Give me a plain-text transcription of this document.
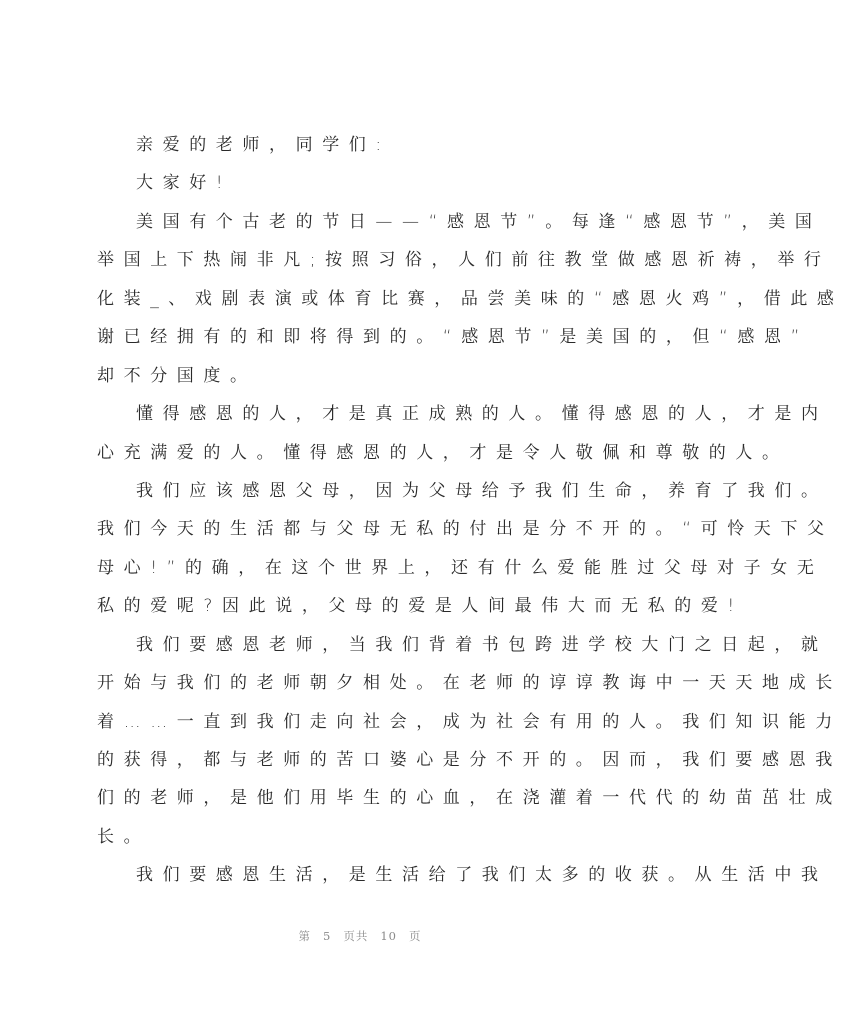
亲爱的老师，同学们:
大家好!
美国有个古老的节日——“感恩节”。每逢“感恩节”，美国
举国上下热闹非凡;按照习俗，人们前往教堂做感恩祈祷，举行
化装_、戏剧表演或体育比赛，品尝美味的“感恩火鸡”，借此感
谢已经拥有的和即将得到的。“感恩节”是美国的，但“感恩”
却不分国度。
懂得感恩的人，才是真正成熟的人。懂得感恩的人，才是内
心充满爱的人。懂得感恩的人，才是令人敬佩和尊敬的人。
我们应该感恩父母，因为父母给予我们生命，养育了我们。
我们今天的生活都与父母无私的付出是分不开的。“可怜天下父
母心!”的确，在这个世界上，还有什么爱能胜过父母对子女无
私的爱呢?因此说，父母的爱是人间最伟大而无私的爱!
我们要感恩老师，当我们背着书包跨进学校大门之日起，就
开始与我们的老师朝夕相处。在老师的谆谆教诲中一天天地成长
着……一直到我们走向社会，成为社会有用的人。我们知识能力
的获得，都与老师的苦口婆心是分不开的。因而，我们要感恩我
们的老师，是他们用毕生的心血，在浇灌着一代代的幼苗茁壮成
长。
我们要感恩生活，是生活给了我们太多的收获。从生活中我
第 5 页共 10 页
